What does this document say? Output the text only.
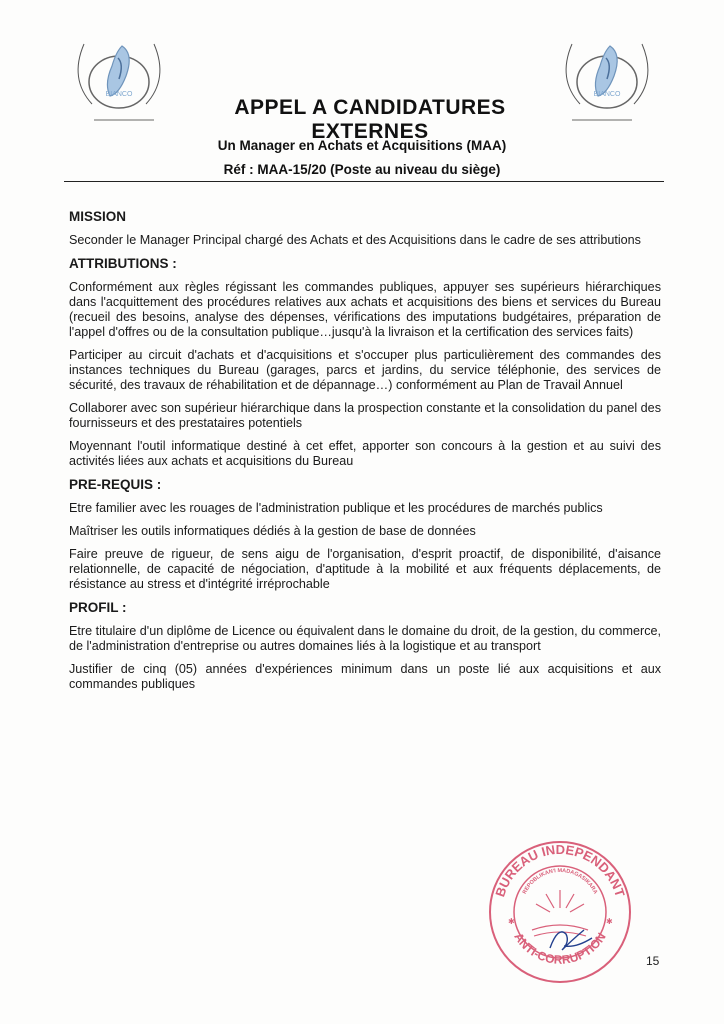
BIANCO	BIANCO
APPEL A CANDIDATURES EXTERNES
Un Manager en Achats et Acquisitions (MAA)
Réf : MAA-15/20 (Poste au niveau du siège)
MISSION

Seconder le Manager Principal chargé des Achats et des Acquisitions dans le cadre de ses attributions

ATTRIBUTIONS :

Conformément aux règles régissant les commandes publiques, appuyer ses supérieurs hiérarchiques dans l'acquittement des procédures relatives aux achats et acquisitions des biens et services du Bureau (recueil des besoins, analyse des dépenses, vérifications des imputations budgétaires, préparation de l'appel d'offres ou de la consultation publique…jusqu'à la livraison et la certification des services faits)

Participer au circuit d'achats et d'acquisitions et s'occuper plus particulièrement des commandes des instances techniques du Bureau (garages, parcs et jardins, du service téléphonie, des services de sécurité, des travaux de réhabilitation et de dépannage…) conformément au Plan de Travail Annuel

Collaborer avec son supérieur hiérarchique dans la prospection constante et la consolidation du panel des fournisseurs et des prestataires potentiels

Moyennant l'outil informatique destiné à cet effet, apporter son concours à la gestion et au suivi des activités liées aux achats et acquisitions du Bureau

PRE-REQUIS :

Etre familier avec les rouages de l'administration publique et les procédures de marchés publics

Maîtriser les outils informatiques dédiés à la gestion de base de données

Faire preuve de rigueur, de sens aigu de l'organisation, d'esprit proactif, de disponibilité, d'aisance relationnelle, de capacité de négociation, d'aptitude à la mobilité et aux fréquents déplacements, de résistance au stress et d'intégrité irréprochable

PROFIL :

Etre titulaire d'un diplôme de Licence ou équivalent dans le domaine du droit, de la gestion, du commerce, de l'administration d'entreprise ou autres domaines liés à la logistique et au transport

Justifier de cinq (05) années d'expériences minimum dans un poste lié aux acquisitions et aux commandes publiques

BUREAU INDEPENDANT
ANTI-CORRUPTION
REPOBLIKAN'I MADAGASIKARA
✱	✱
15
